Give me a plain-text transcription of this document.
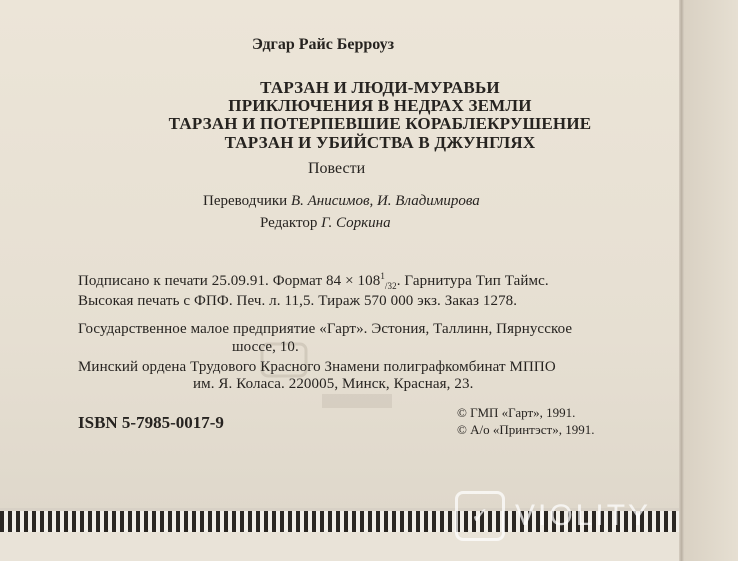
Эдгар Райс Берроуз
ТАРЗАН И ЛЮДИ-МУРАВЬИ
ПРИКЛЮЧЕНИЯ В НЕДРАХ ЗЕМЛИ
ТАРЗАН И ПОТЕРПЕВШИЕ КОРАБЛЕКРУШЕНИЕ
ТАРЗАН И УБИЙСТВА В ДЖУНГЛЯХ
Повести
Переводчики В. Анисимов, И. Владимирова
Редактор Г. Соркина
Подписано к печати 25.09.91. Формат $84 \times 108^1_{/32}$. Гарнитура Тип Таймс.
Высокая печать с ФПФ. Печ. л. 11,5. Тираж 570 000 экз. Заказ 1278.
Государственное малое предприятие «Гарт». Эстония, Таллинн, Пярнусское
шоссе, 10.
Минский ордена Трудового Красного Знамени полиграфкомбинат МППО
им. Я. Коласа. 220005, Минск, Красная, 23.
ISBN 5-7985-0017-9
© ГМП «Гарт», 1991.
© А/о «Принтэст», 1991.
✓ VIOLITY
